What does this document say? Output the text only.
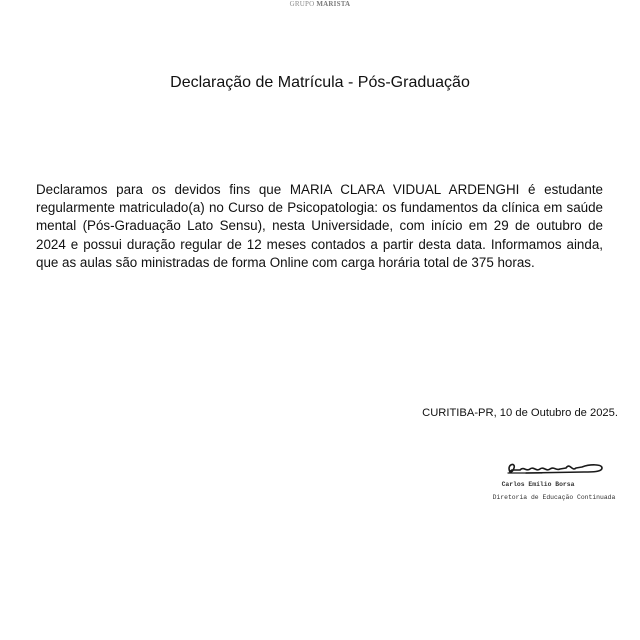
GRUPO MARISTA
Declaração de Matrícula - Pós-Graduação
Declaramos para os devidos fins que MARIA CLARA VIDUAL ARDENGHI é estudante regularmente matriculado(a) no Curso de Psicopatologia: os fundamentos da clínica em saúde mental (Pós-Graduação Lato Sensu), nesta Universidade, com início em 29 de outubro de 2024 e possui duração regular de 12 meses contados a partir desta data. Informamos ainda, que as aulas são ministradas de forma Online com carga horária total de 375 horas.
CURITIBA-PR, 10 de Outubro de 2025.
Carlos Emílio Borsa
Diretoria de Educação Continuada
